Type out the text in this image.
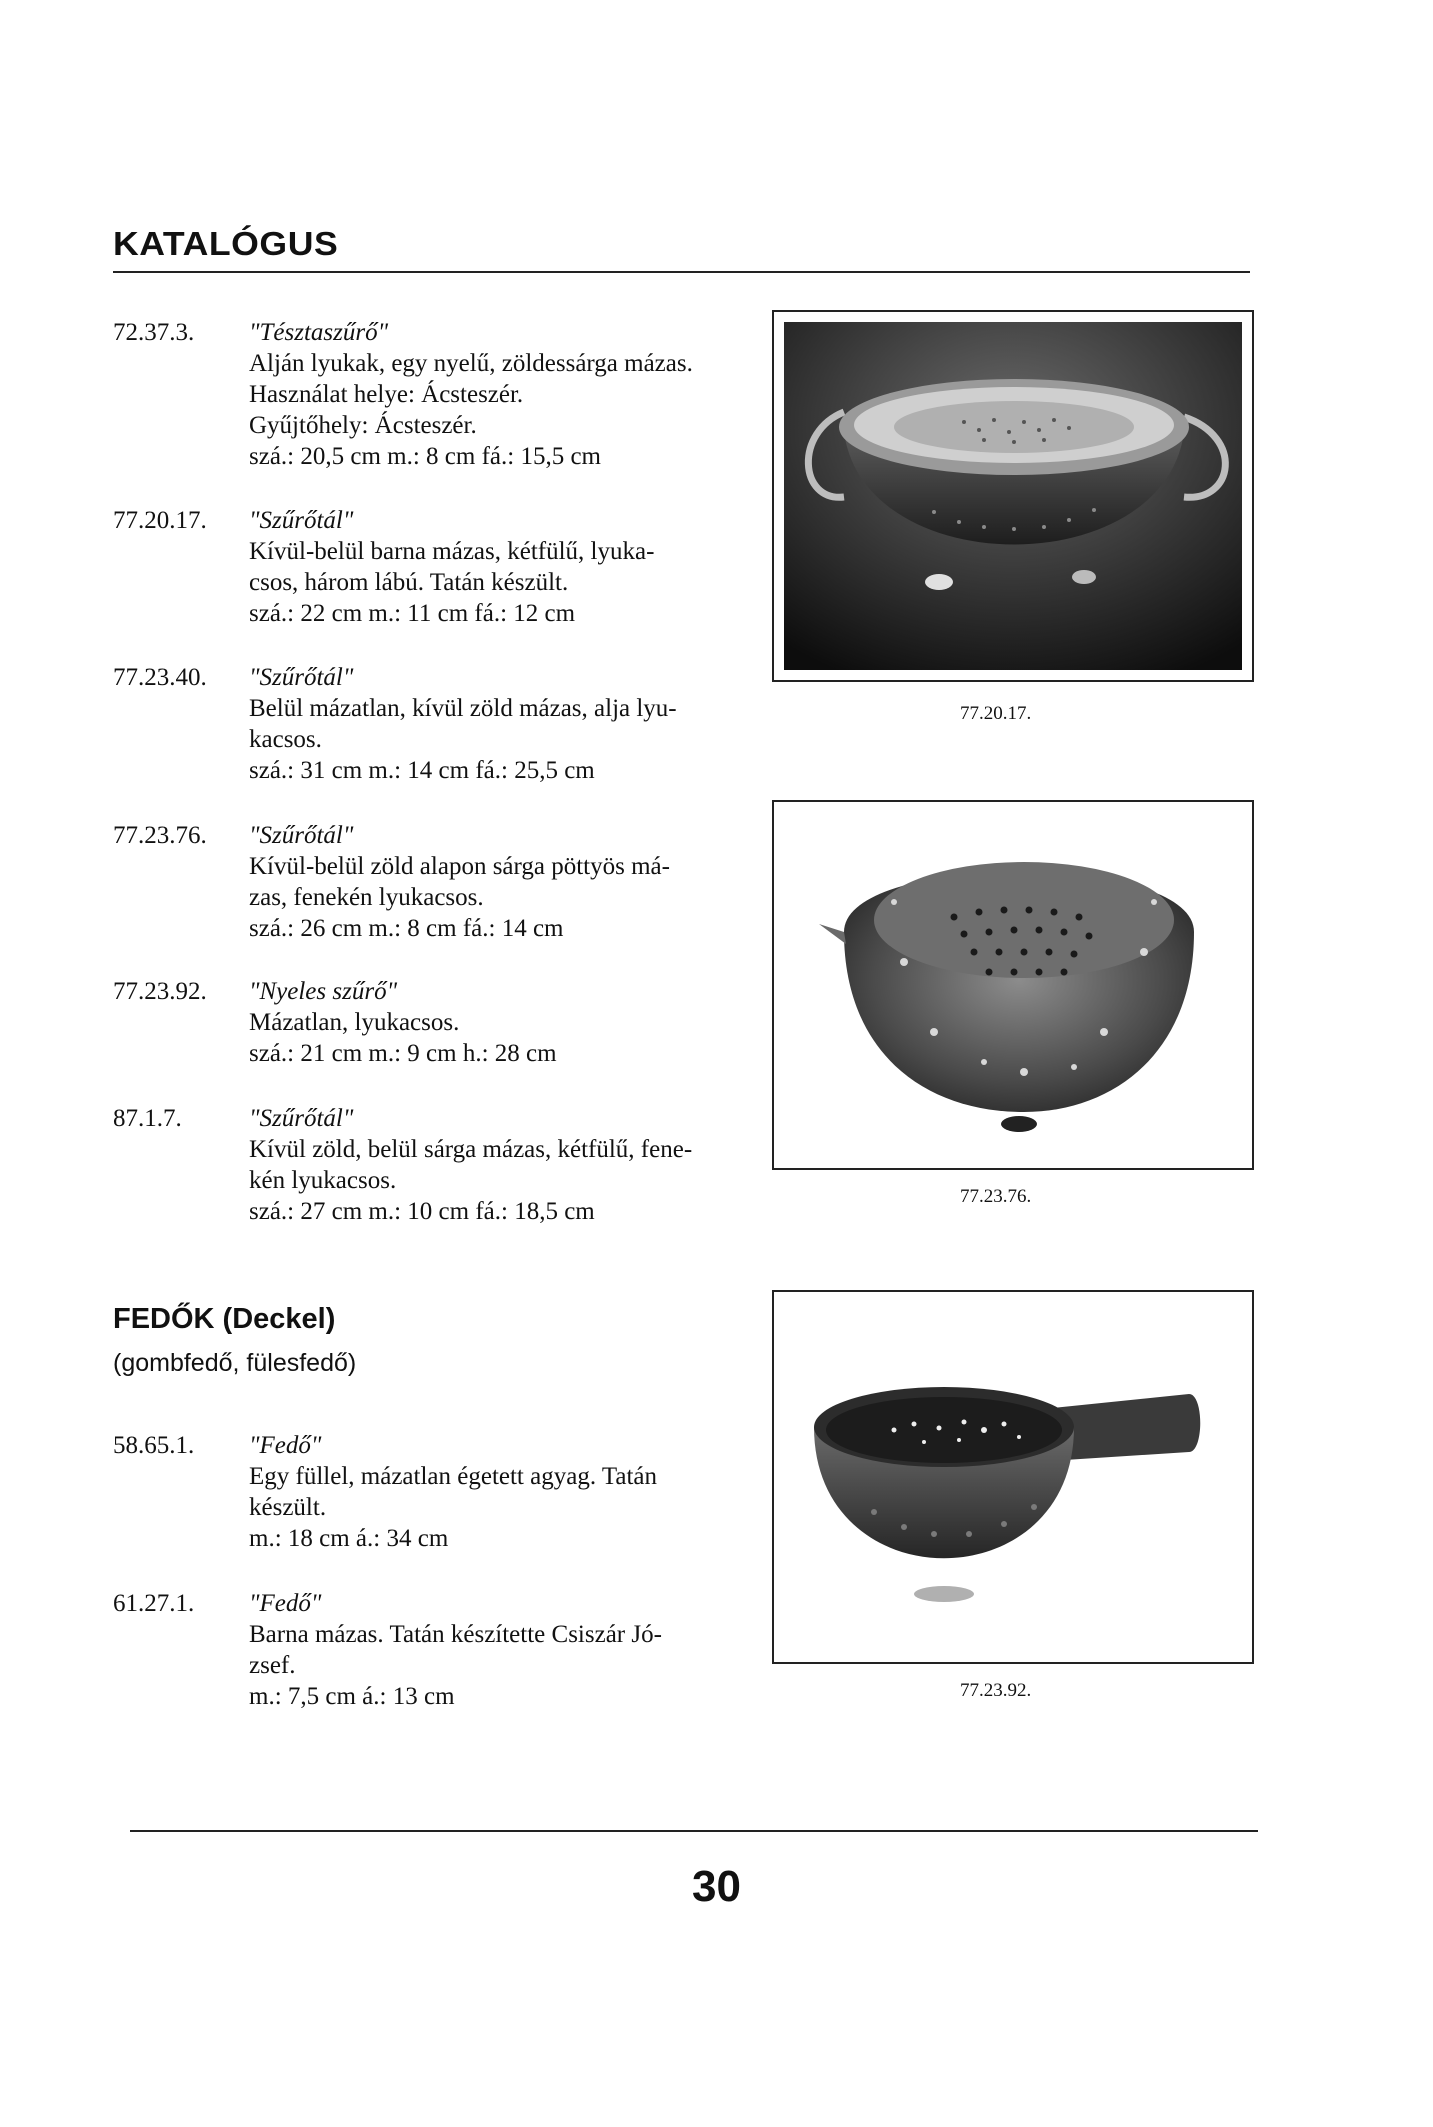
KATALÓGUS
72.37.3.	"Tésztaszűrő"
Alján lyukak, egy nyelű, zöldessárga mázas.
Használat helye: Ácsteszér.
Gyűjtőhely: Ácsteszér.
szá.: 20,5 cm m.: 8 cm fá.: 15,5 cm
77.20.17.	"Szűrőtál"
Kívül-belül barna mázas, kétfülű, lyuka-
csos, három lábú. Tatán készült.
szá.: 22 cm m.: 11 cm fá.: 12 cm
77.23.40.	"Szűrőtál"
Belül mázatlan, kívül zöld mázas, alja lyu-
kacsos.
szá.: 31 cm m.: 14 cm fá.: 25,5 cm
77.23.76.	"Szűrőtál"
Kívül-belül zöld alapon sárga pöttyös má-
zas, fenekén lyukacsos.
szá.: 26 cm m.: 8 cm fá.: 14 cm
77.23.92.	"Nyeles szűrő"
Mázatlan, lyukacsos.
szá.: 21 cm m.: 9 cm h.: 28 cm
87.1.7.	"Szűrőtál"
Kívül zöld, belül sárga mázas, kétfülű, fene-
kén lyukacsos.
szá.: 27 cm m.: 10 cm fá.: 18,5 cm
FEDŐK (Deckel)
(gombfedő, fülesfedő)
58.65.1.	"Fedő"
Egy füllel, mázatlan égetett agyag. Tatán
készült.
m.: 18 cm á.: 34 cm
61.27.1.	"Fedő"
Barna mázas. Tatán készítette Csiszár Jó-
zsef.
m.: 7,5 cm á.: 13 cm
77.20.17.
77.23.76.
77.23.92.
30
